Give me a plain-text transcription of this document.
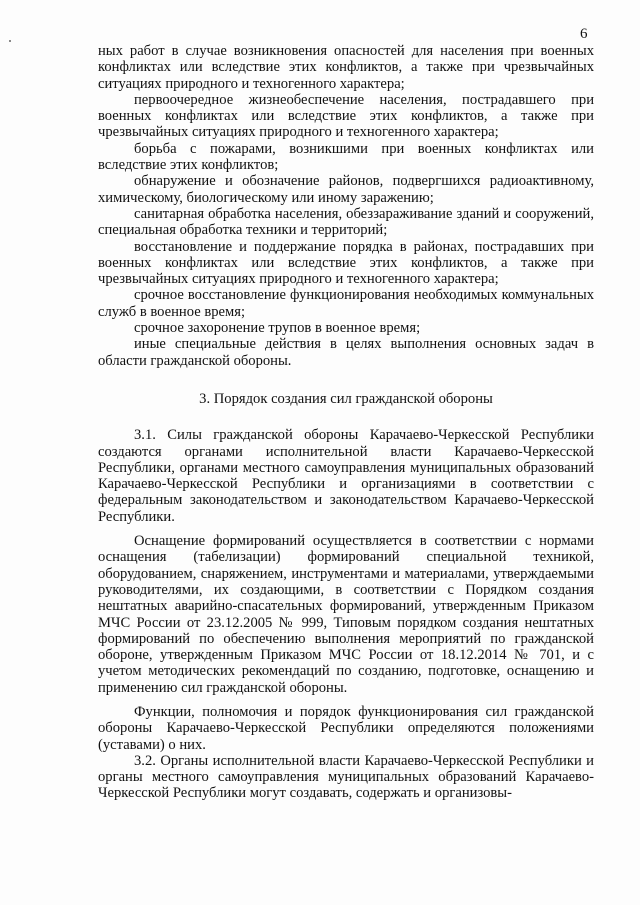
6

ных работ в случае возникновения опасностей для населения при военных конфликтах или вследствие этих конфликтов, а также при чрезвычайных ситуациях природного и техногенного характера;

первоочередное жизнеобеспечение населения, пострадавшего при военных конфликтах или вследствие этих конфликтов, а также при чрезвычайных ситуациях природного и техногенного характера;

борьба с пожарами, возникшими при военных конфликтах или вследствие этих конфликтов;

обнаружение и обозначение районов, подвергшихся радиоактивному, химическому, биологическому или иному заражению;

санитарная обработка населения, обеззараживание зданий и сооружений, специальная обработка техники и территорий;

восстановление и поддержание порядка в районах, пострадавших при военных конфликтах или вследствие этих конфликтов, а также при чрезвычайных ситуациях природного и техногенного характера;

срочное восстановление функционирования необходимых коммунальных служб в военное время;

срочное захоронение трупов в военное время;

иные специальные действия в целях выполнения основных задач в области гражданской обороны.

3. Порядок создания сил гражданской обороны

3.1. Силы гражданской обороны Карачаево-Черкесской Республики создаются органами исполнительной власти Карачаево-Черкесской Республики, органами местного самоуправления муниципальных образований Карачаево-Черкесской Республики и организациями в соответствии с федеральным законодательством и законодательством Карачаево-Черкесской Республики.

Оснащение формирований осуществляется в соответствии с нормами оснащения (табелизации) формирований специальной техникой, оборудованием, снаряжением, инструментами и материалами, утверждаемыми руководителями, их создающими, в соответствии с Порядком создания нештатных аварийно-спасательных формирований, утвержденным Приказом МЧС России от 23.12.2005 № 999, Типовым порядком создания нештатных формирований по обеспечению выполнения мероприятий по гражданской обороне, утвержденным Приказом МЧС России от 18.12.2014 № 701, и с учетом методических рекомендаций по созданию, подготовке, оснащению и применению сил гражданской обороны.

Функции, полномочия и порядок функционирования сил гражданской обороны Карачаево-Черкесской Республики определяются положениями (уставами) о них.

3.2. Органы исполнительной власти Карачаево-Черкесской Республики и органы местного самоуправления муниципальных образований Карачаево-Черкесской Республики могут создавать, содержать и организовы-
